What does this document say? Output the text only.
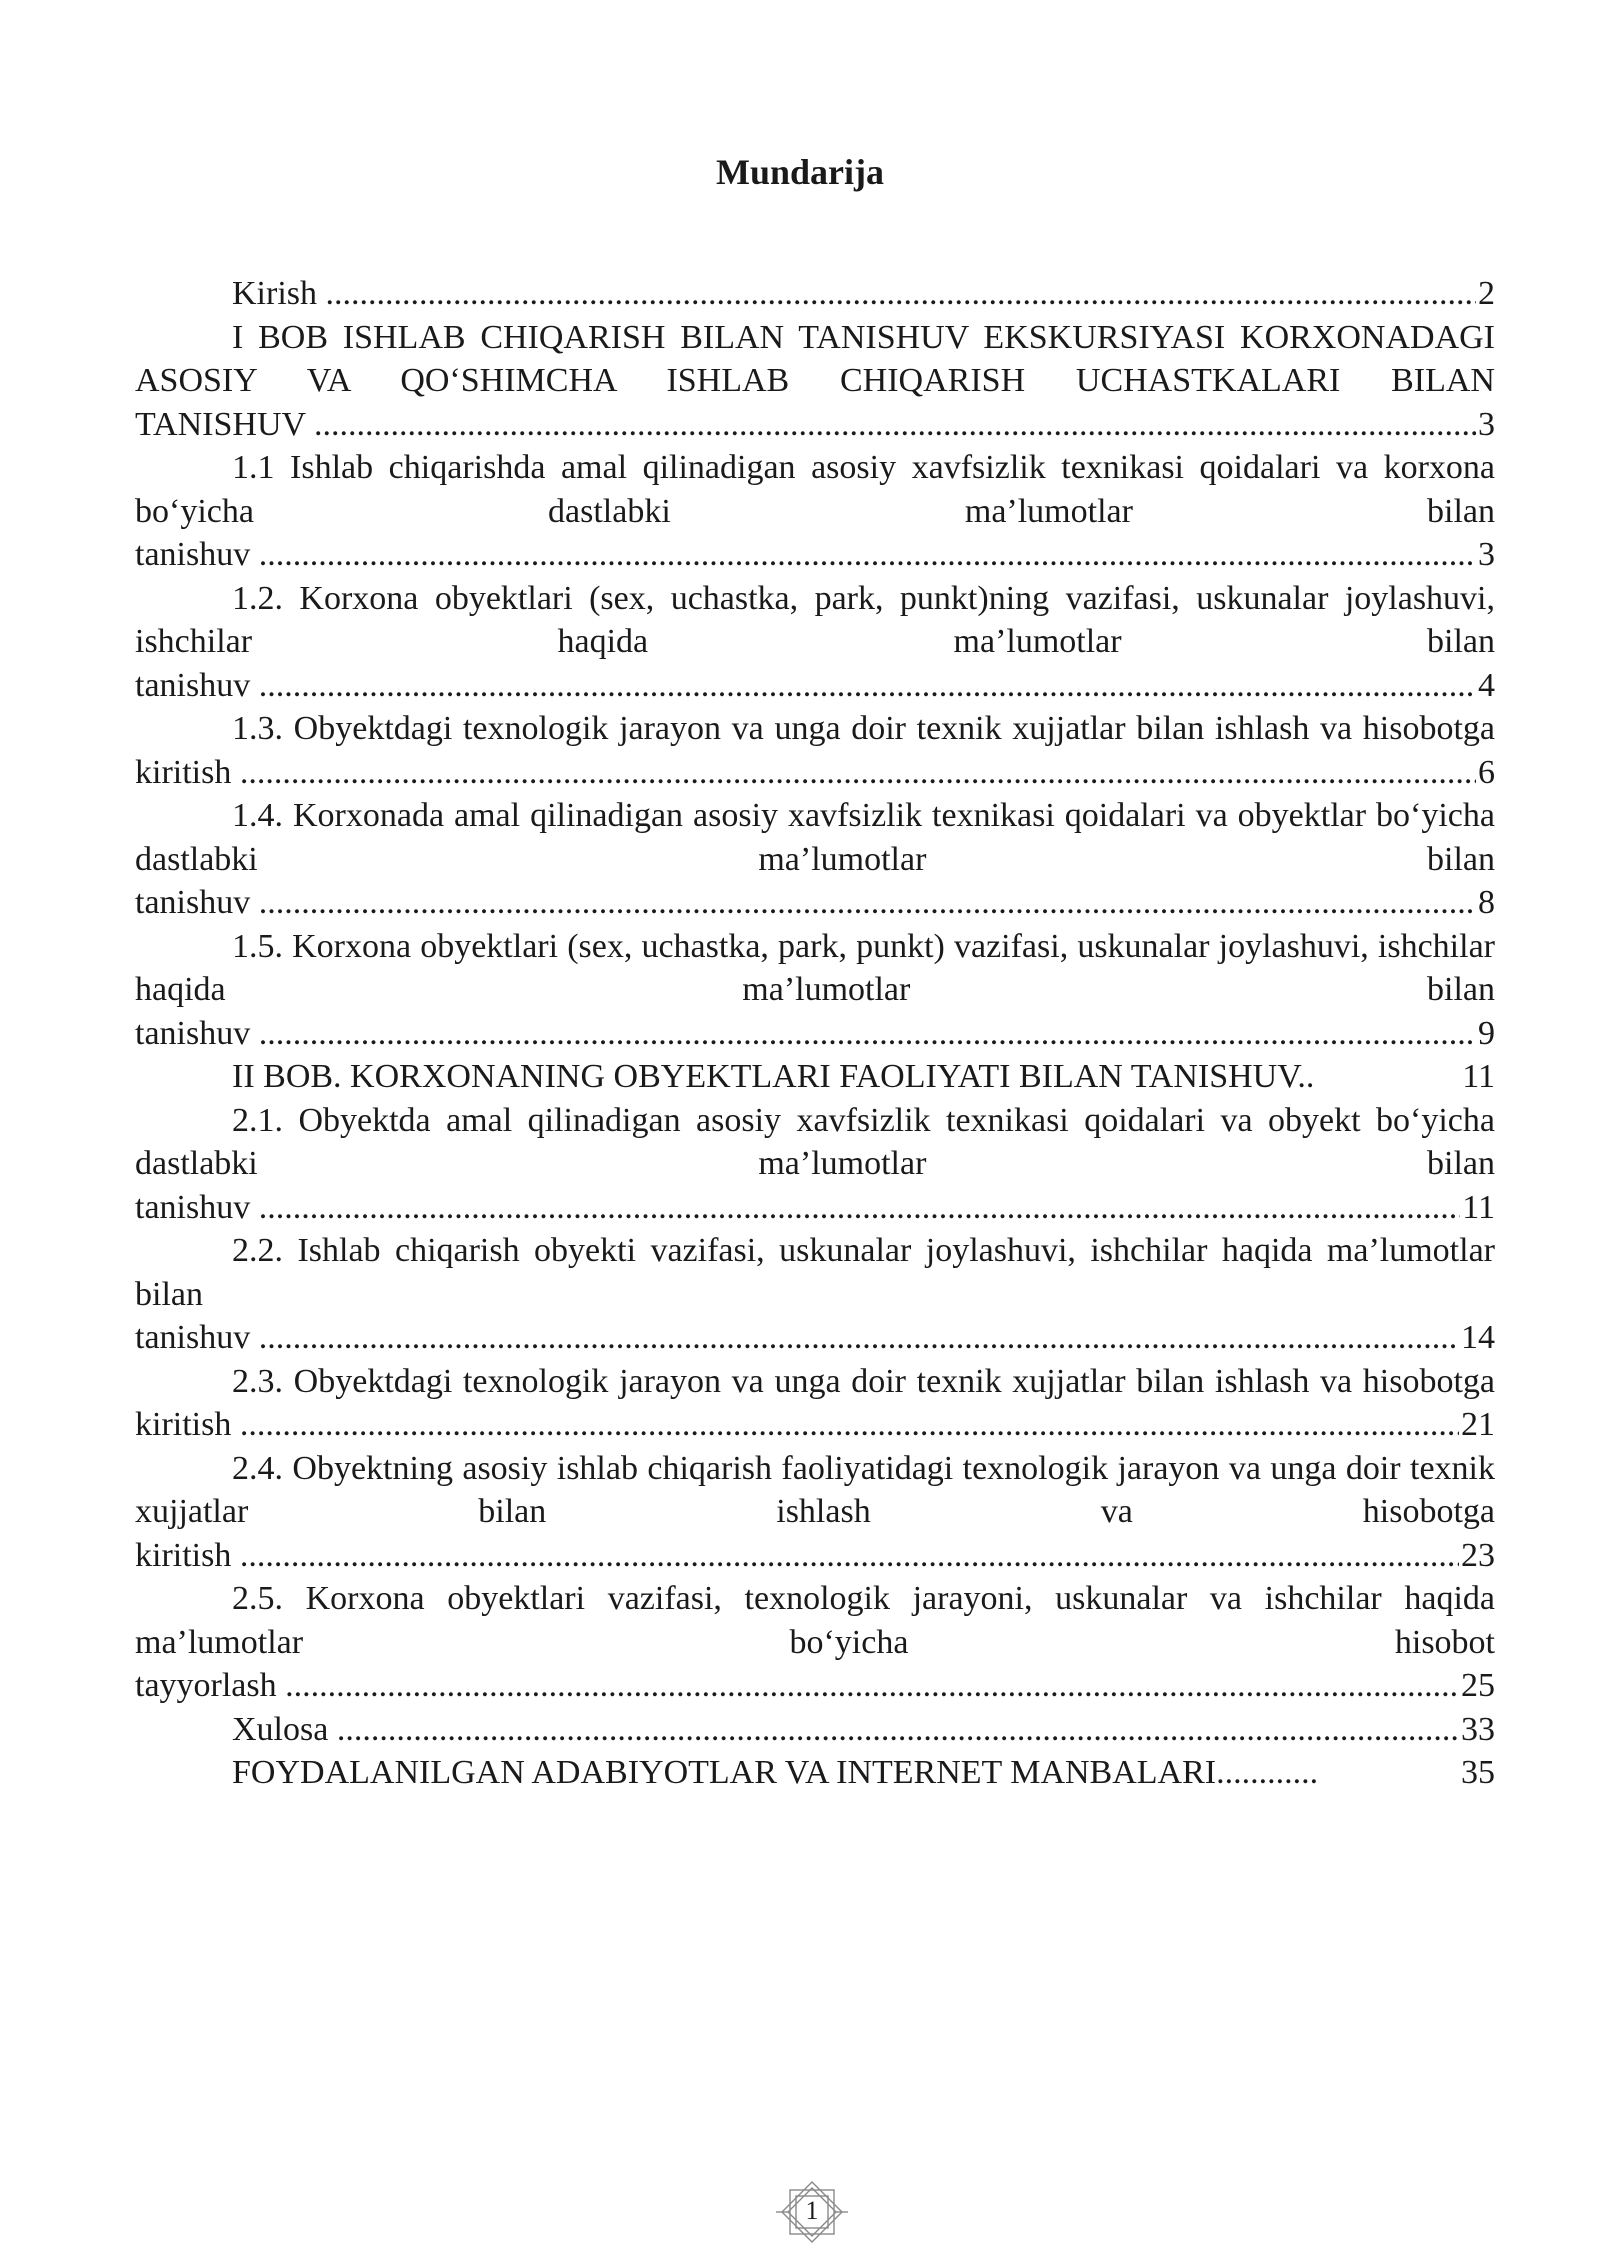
Mundarija
Kirish .....	2
I BOB ISHLAB CHIQARISH BILAN TANISHUV EKSKURSIYASI KORXONADAGI ASOSIY VA QO‘SHIMCHA ISHLAB CHIQARISH UCHASTKALARI BILAN TANISHUV .....	3
1.1 Ishlab chiqarishda amal qilinadigan asosiy xavfsizlik texnikasi qoidalari va korxona bo‘yicha dastlabki ma’lumotlar bilan tanishuv .....	3
1.2. Korxona obyektlari (sex, uchastka, park, punkt)ning vazifasi, uskunalar joylashuvi, ishchilar haqida ma’lumotlar bilan tanishuv .....	4
1.3. Obyektdagi texnologik jarayon va unga doir texnik xujjatlar bilan ishlash va hisobotga kiritish .....	6
1.4. Korxonada amal qilinadigan asosiy xavfsizlik texnikasi qoidalari va obyektlar bo‘yicha dastlabki ma’lumotlar bilan tanishuv .....	8
1.5. Korxona obyektlari (sex, uchastka, park, punkt) vazifasi, uskunalar joylashuvi, ishchilar haqida ma’lumotlar bilan tanishuv .....	9
II BOB. KORXONANING OBYEKTLARI FAOLIYATI BILAN TANISHUV..	11
2.1. Obyektda amal qilinadigan asosiy xavfsizlik texnikasi qoidalari va obyekt bo‘yicha dastlabki ma’lumotlar bilan tanishuv .....	11
2.2. Ishlab chiqarish obyekti vazifasi, uskunalar joylashuvi, ishchilar haqida ma’lumotlar bilan tanishuv .....	14
2.3. Obyektdagi texnologik jarayon va unga doir texnik xujjatlar bilan ishlash va hisobotga kiritish .....	21
2.4. Obyektning asosiy ishlab chiqarish faoliyatidagi texnologik jarayon va unga doir texnik xujjatlar bilan ishlash va hisobotga kiritish .....	23
2.5. Korxona obyektlari vazifasi, texnologik jarayoni, uskunalar va ishchilar haqida ma’lumotlar bo‘yicha hisobot tayyorlash .....	25
Xulosa .....	33
FOYDALANILGAN ADABIYOTLAR VA INTERNET MANBALARI............	35
1
